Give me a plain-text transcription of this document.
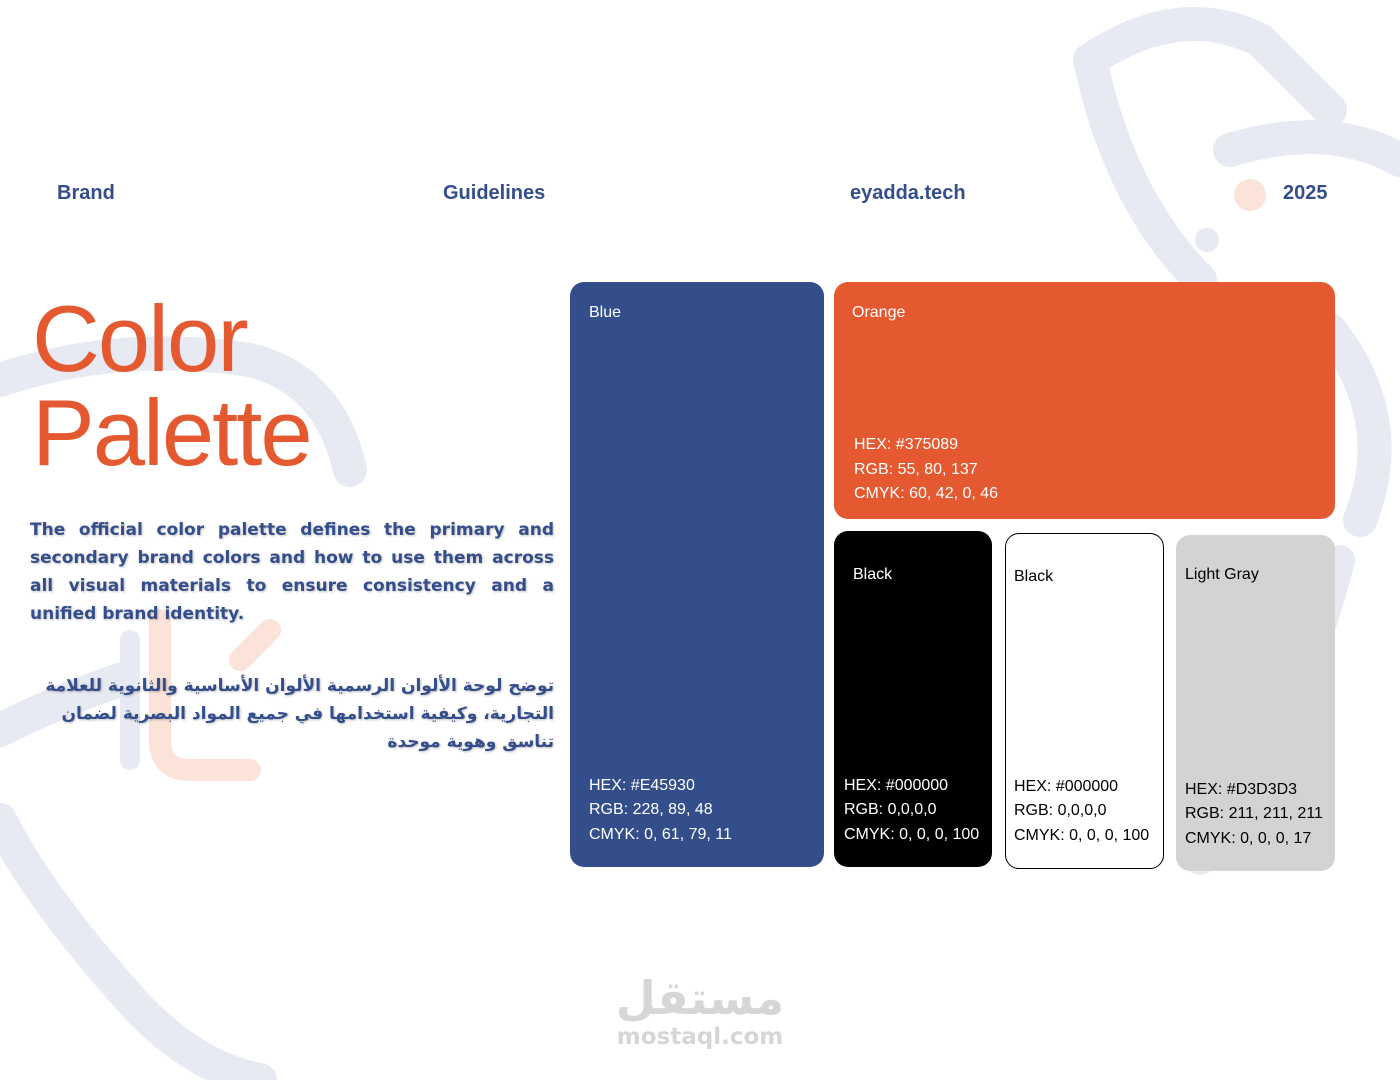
Brand	Guidelines	eyadda.tech	2025
Color
Palette

The official color palette defines the primary and secondary brand colors and how to use them across all visual materials to ensure consistency and a unified brand identity.

توضح لوحة الألوان الرسمية الألوان الأساسية والثانوية للعلامة التجارية، وكيفية استخدامها في جميع المواد البصرية لضمان تناسق وهوية موحدة

Blue
HEX: #E45930
RGB: 228, 89, 48
CMYK: 0, 61, 79, 11
Orange
HEX: #375089
RGB: 55, 80, 137
CMYK: 60, 42, 0, 46
Black
HEX: #000000
RGB: 0,0,0,0
CMYK: 0, 0, 0, 100
Black
HEX: #000000
RGB: 0,0,0,0
CMYK: 0, 0, 0, 100
Light Gray
HEX: #D3D3D3
RGB: 211, 211, 211
CMYK: 0, 0, 0, 17
مستقل
mostaql.com
